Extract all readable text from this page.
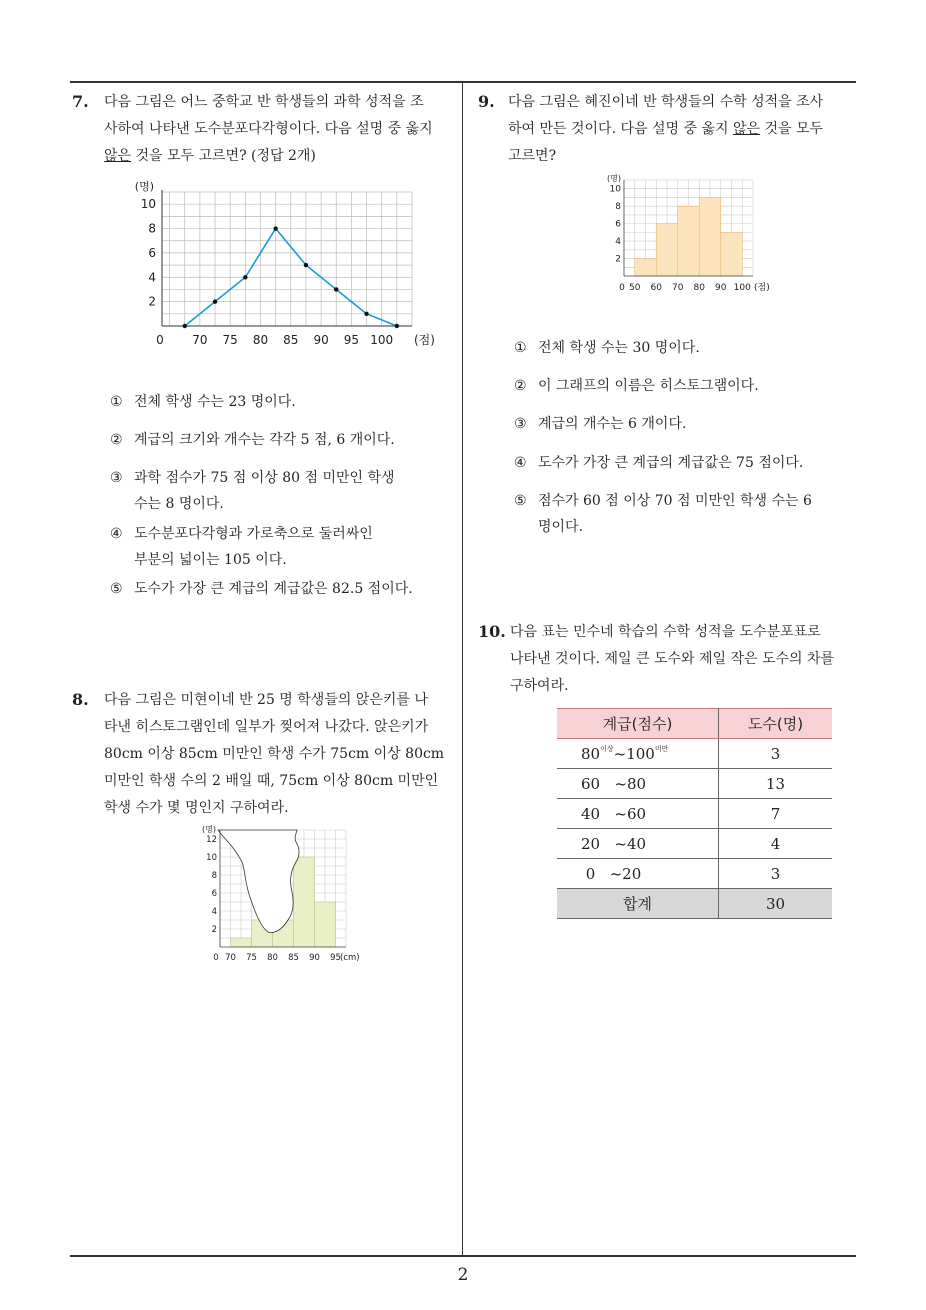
2
7. 다음 그림은 어느 중학교 반 학생들의 과학 성적을 조
사하여 나타낸 도수분포다각형이다. 다음 설명 중 옳지
않은 것을 모두 고르면? (정답 2개)
0 70 75 80 85 90 95 100
2
4
6
8
10
(명)
(점)
① 전체 학생 수는 23 명이다.
② 계급의 크기와 개수는 각각 5 점, 6 개이다.
③ 과학 점수가 75 점 이상 80 점 미만인 학생
수는 8 명이다.
④ 도수분포다각형과 가로축으로 둘러싸인
부분의 넓이는 105 이다.
⑤ 도수가 가장 큰 계급의 계급값은 82.5 점이다.
8. 다음 그림은 미현이네 반 25 명 학생들의 앉은키를 나
타낸 히스토그램인데 일부가 찢어져 나갔다. 앉은키가
80cm 이상 85cm 미만인 학생 수가 75cm 이상 80cm
미만인 학생 수의 2 배일 때, 75cm 이상 80cm 미만인
학생 수가 몇 명인지 구하여라.
0 70 75 80 85 90 95
2
4
6
8
10
12
(명)
(cm)
9. 다음 그림은 혜진이네 반 학생들의 수학 성적을 조사
하여 만든 것이다. 다음 설명 중 옳지 않은 것을 모두
고르면?
0 50 60 70 80 90 100
2
4
6
8
10
(명)
(점)
① 전체 학생 수는 30 명이다.
② 이 그래프의 이름은 히스토그램이다.
③ 계급의 개수는 6 개이다.
④ 도수가 가장 큰 계급의 계급값은 75 점이다.
⑤ 점수가 60 점 이상 70 점 미만인 학생 수는 6
명이다.
10. 다음 표는 민수네 학습의 수학 성적을 도수분포표로
나타낸 것이다. 제일 큰 도수와 제일 작은 도수의 차를
구하여라.
계급(점수)	도수(명)
$80^{이상}\sim 100^{미만}$	3
60   ~80	13
40   ~60	7
20   ~40	4
0   ~20	3
합계	30
